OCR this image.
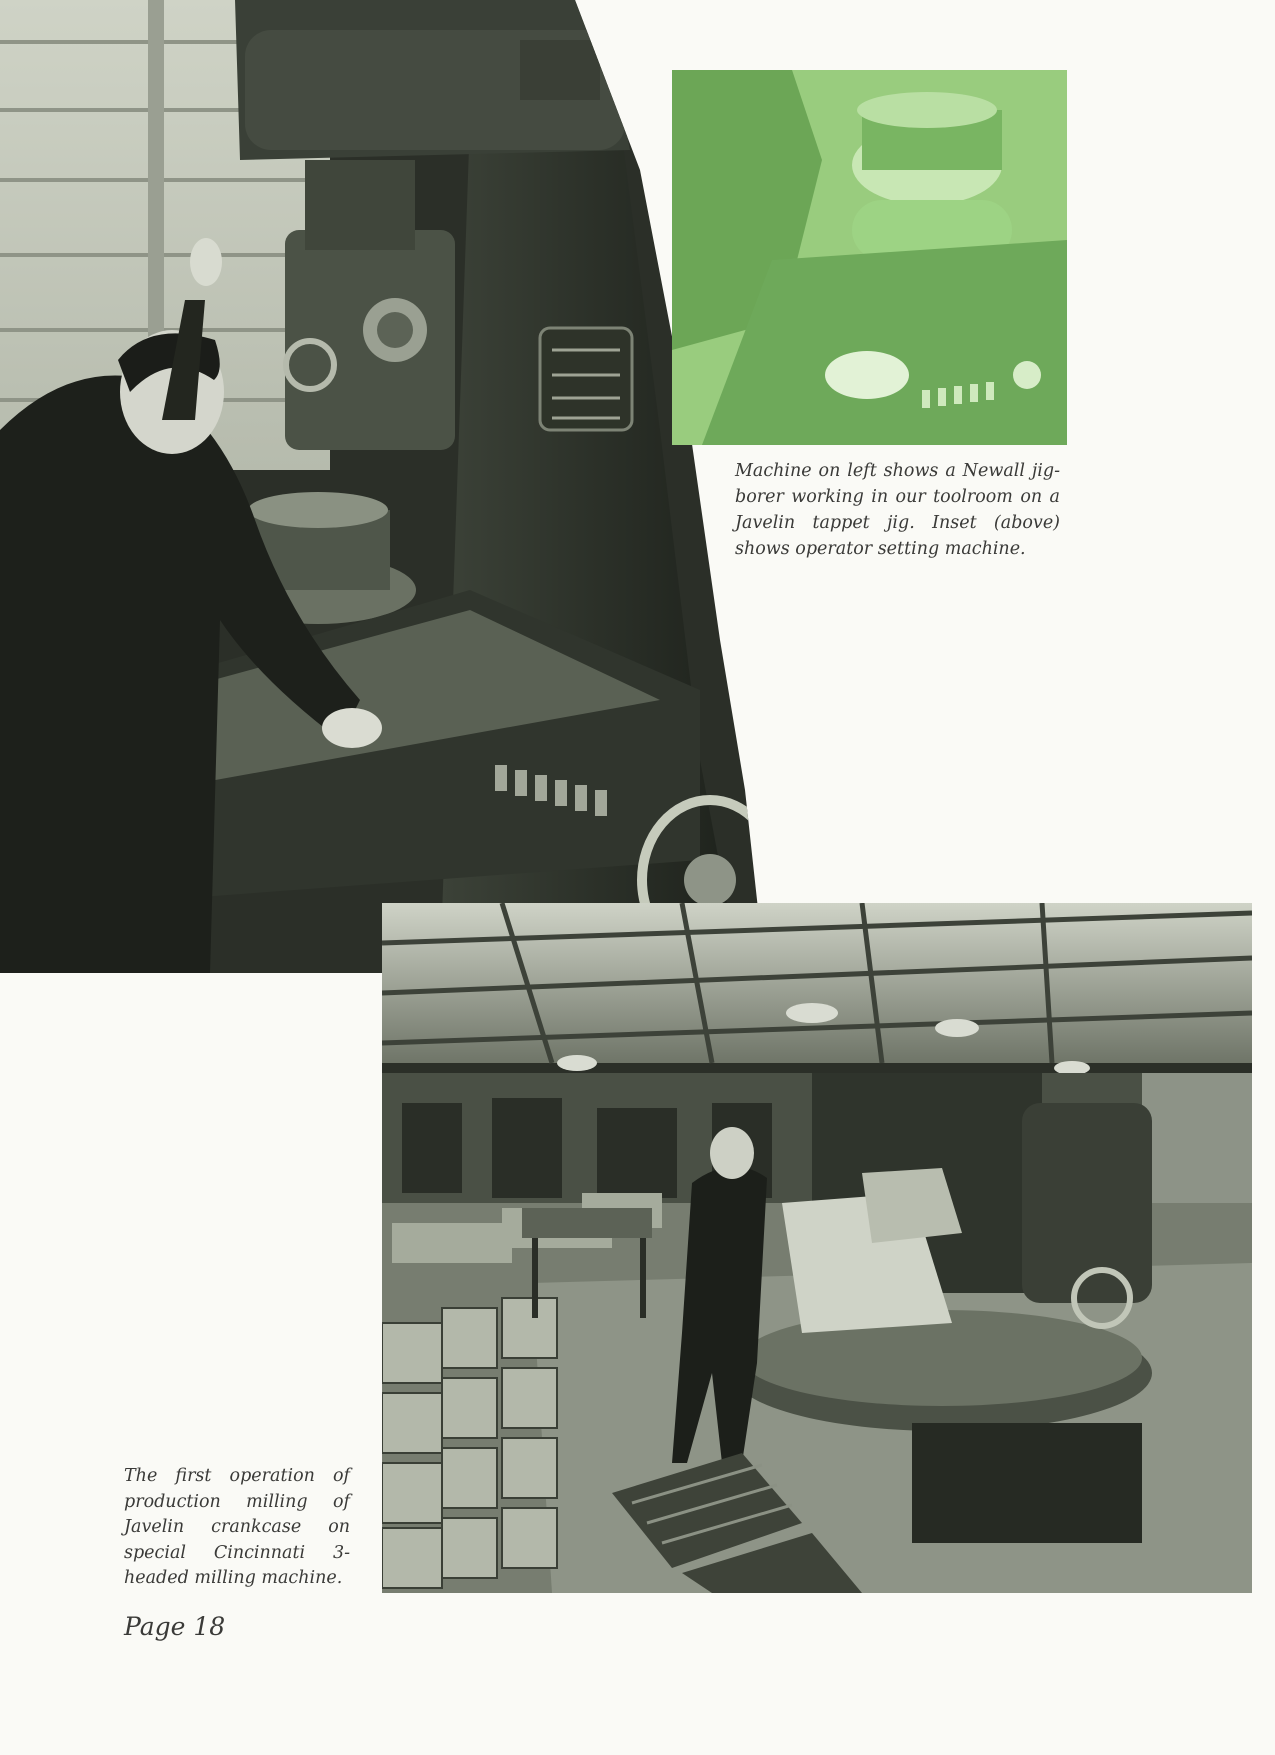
Machine on left shows a Newall jig-borer working in our toolroom on a Javelin tappet jig. Inset (above) shows operator setting machine.
The first operation of production milling of Javelin crankcase on special Cincinnati 3-headed milling machine.
Page 18
